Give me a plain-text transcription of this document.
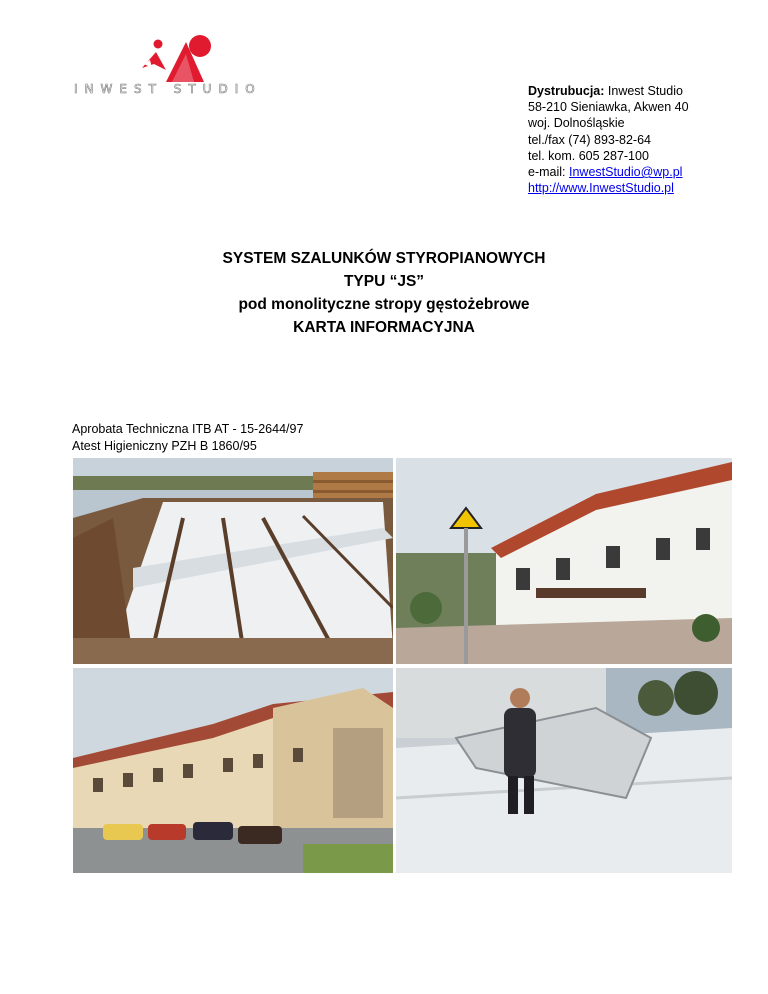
INWEST STUDIO	Dystrubucja: Inwest Studio
58-210 Sieniawka, Akwen 40
woj. Dolnośląskie
tel./fax (74) 893-82-64
tel. kom. 605 287-100
e-mail: InwestStudio@wp.pl
http://www.InwestStudio.pl
SYSTEM SZALUNKÓW STYROPIANOWYCH
TYPU “JS”
pod monolityczne stropy gęstożebrowe
KARTA INFORMACYJNA
Aprobata Techniczna ITB AT - 15-2644/97
Atest Higieniczny PZH B 1860/95
